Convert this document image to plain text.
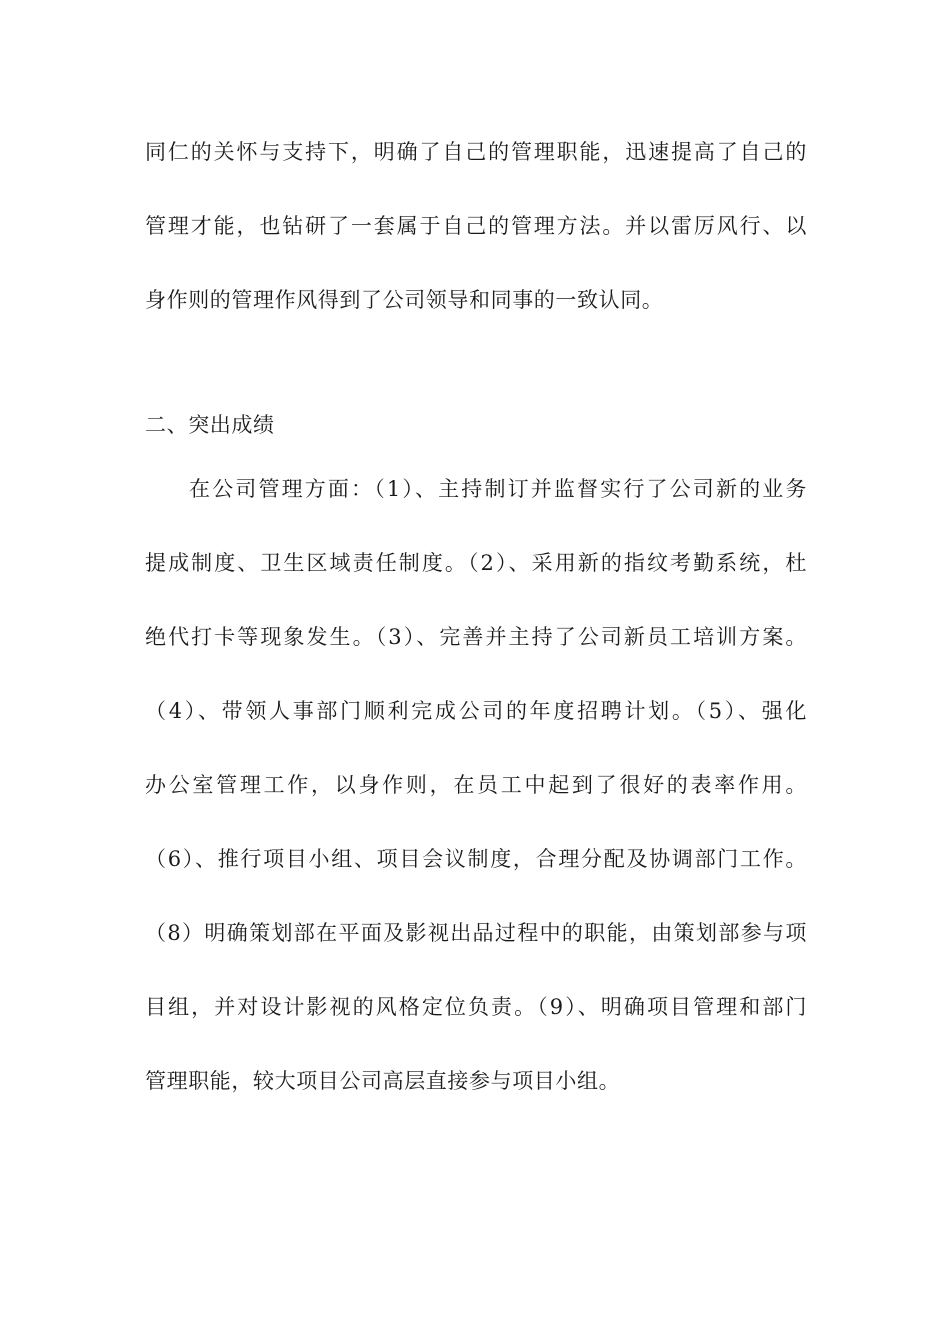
同仁的关怀与支持下，明确了自己的管理职能，迅速提高了自己的
管理才能，也钻研了一套属于自己的管理方法。并以雷厉风行、以
身作则的管理作风得到了公司领导和同事的一致认同。
二、突出成绩
在公司管理方面：（1）、主持制订并监督实行了公司新的业务
提成制度、卫生区域责任制度。（2）、采用新的指纹考勤系统，杜
绝代打卡等现象发生。（3）、完善并主持了公司新员工培训方案。
（4）、带领人事部门顺利完成公司的年度招聘计划。（5）、强化
办公室管理工作，以身作则，在员工中起到了很好的表率作用。
（6）、推行项目小组、项目会议制度，合理分配及协调部门工作。
（8）明确策划部在平面及影视出品过程中的职能，由策划部参与项
目组，并对设计影视的风格定位负责。（9）、明确项目管理和部门
管理职能，较大项目公司高层直接参与项目小组。
